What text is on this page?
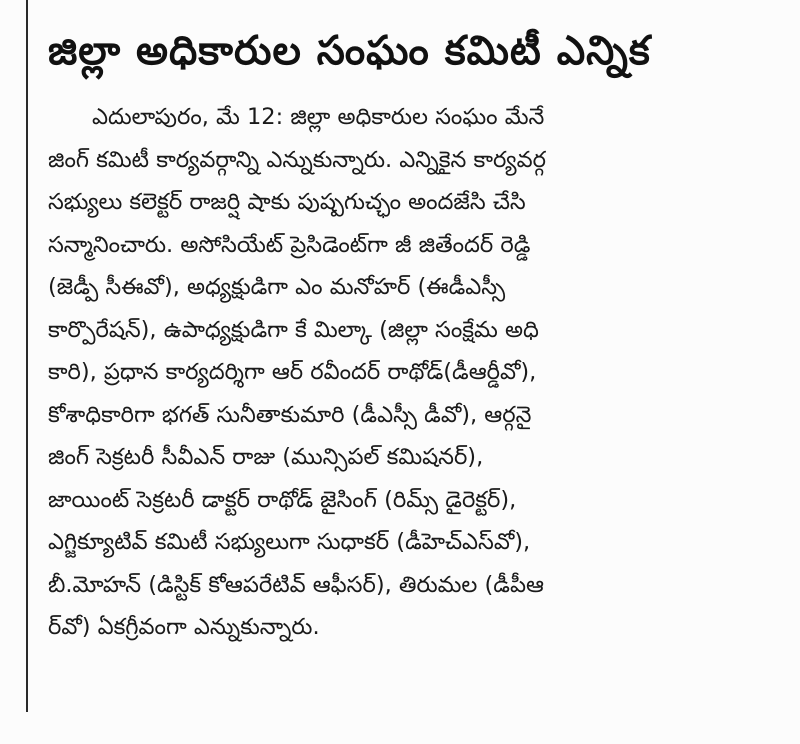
జిల్లా అధికారుల సంఘం కమిటీ ఎన్నిక
ఎదులాపురం, మే 12: జిల్లా అధికారుల సంఘం మేనే
జింగ్ కమిటీ కార్యవర్గాన్ని ఎన్నుకున్నారు. ఎన్నికైన కార్యవర్గ
సభ్యులు కలెక్టర్ రాజర్షి షాకు పుష్పగుచ్ఛం అందజేసి చేసి
సన్మానించారు. అసోసియేట్ ప్రెసిడెంట్‌గా జీ జితేందర్ రెడ్డి
(జెడ్పీ సీఈవో), అధ్యక్షుడిగా ఎం మనోహర్ (ఈడీఎస్సీ
కార్పొరేషన్), ఉపాధ్యక్షుడిగా కే మిల్కా (జిల్లా సంక్షేమ అధి
కారి), ప్రధాన కార్యదర్శిగా ఆర్ రవీందర్ రాథోడ్(డీఆర్డీవో),
కోశాధికారిగా భగత్ సునీతాకుమారి (డీఎస్సీ డీవో), ఆర్గనై
జింగ్ సెక్రటరీ సీవీఎన్ రాజు (మున్సిపల్ కమిషనర్),
జాయింట్ సెక్రటరీ డాక్టర్ రాథోడ్ జైసింగ్ (రిమ్స్ డైరెక్టర్),
ఎగ్జిక్యూటివ్ కమిటీ సభ్యులుగా సుధాకర్ (డీహెచ్ఎస్‌వో),
బీ.మోహన్ (డిస్టిక్ కోఆపరేటివ్ ఆఫీసర్), తిరుమల (డీపీఆ
ర్‌వో) ఏకగ్రీవంగా ఎన్నుకున్నారు.
